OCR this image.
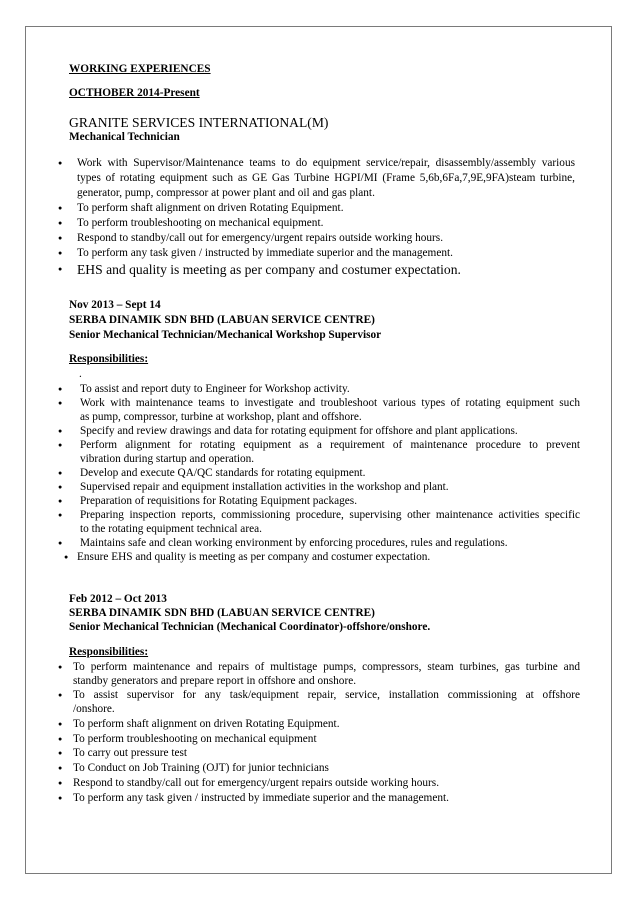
WORKING EXPERIENCES
OCTHOBER 2014-Present
GRANITE SERVICES INTERNATIONAL(M)
Mechanical Technician
●
Work with Supervisor/Maintenance teams to do equipment service/repair, disassembly/assembly various
types of rotating equipment such as GE Gas Turbine HGPI/MI (Frame 5,6b,6Fa,7,9E,9FA)steam turbine,
generator, pump, compressor at power plant and oil and gas plant.
●
To perform shaft alignment on driven Rotating Equipment.
●
To perform troubleshooting on mechanical equipment.
●
Respond to standby/call out for emergency/urgent repairs outside working hours.
●
To perform any task given / instructed by immediate superior and the management.
●
EHS and quality is meeting as per company and costumer expectation.
Nov 2013 – Sept 14
SERBA DINAMIK SDN BHD (LABUAN SERVICE CENTRE)
Senior Mechanical Technician/Mechanical Workshop Supervisor
Responsibilities:
.
●
To assist and report duty to Engineer for Workshop activity.
●
Work with maintenance teams to investigate and troubleshoot various types of rotating equipment such
as pump, compressor, turbine at workshop, plant and offshore.
●
Specify and review drawings and data for rotating equipment for offshore and plant applications.
●
Perform alignment for rotating equipment as a requirement of maintenance procedure to prevent
vibration during startup and operation.
●
Develop and execute QA/QC standards for rotating equipment.
●
Supervised repair and equipment installation activities in the workshop and plant.
●
Preparation of requisitions for Rotating Equipment packages.
●
Preparing inspection reports, commissioning procedure, supervising other maintenance activities specific
to the rotating equipment technical area.
●
Maintains safe and clean working environment by enforcing procedures, rules and regulations.
●
Ensure EHS and quality is meeting as per company and costumer expectation.
Feb 2012 – Oct 2013
SERBA DINAMIK SDN BHD (LABUAN SERVICE CENTRE)
Senior Mechanical Technician (Mechanical Coordinator)-offshore/onshore.
Responsibilities:
●
To perform maintenance and repairs of multistage pumps, compressors, steam turbines, gas turbine and
standby generators and prepare report in offshore and onshore.
●
To assist supervisor for any task/equipment repair, service, installation commissioning at offshore
/onshore.
●
To perform shaft alignment on driven Rotating Equipment.
●
To perform troubleshooting on mechanical equipment
●
To carry out pressure test
●
To Conduct on Job Training (OJT) for junior technicians
●
Respond to standby/call out for emergency/urgent repairs outside working hours.
●
To perform any task given / instructed by immediate superior and the management.
